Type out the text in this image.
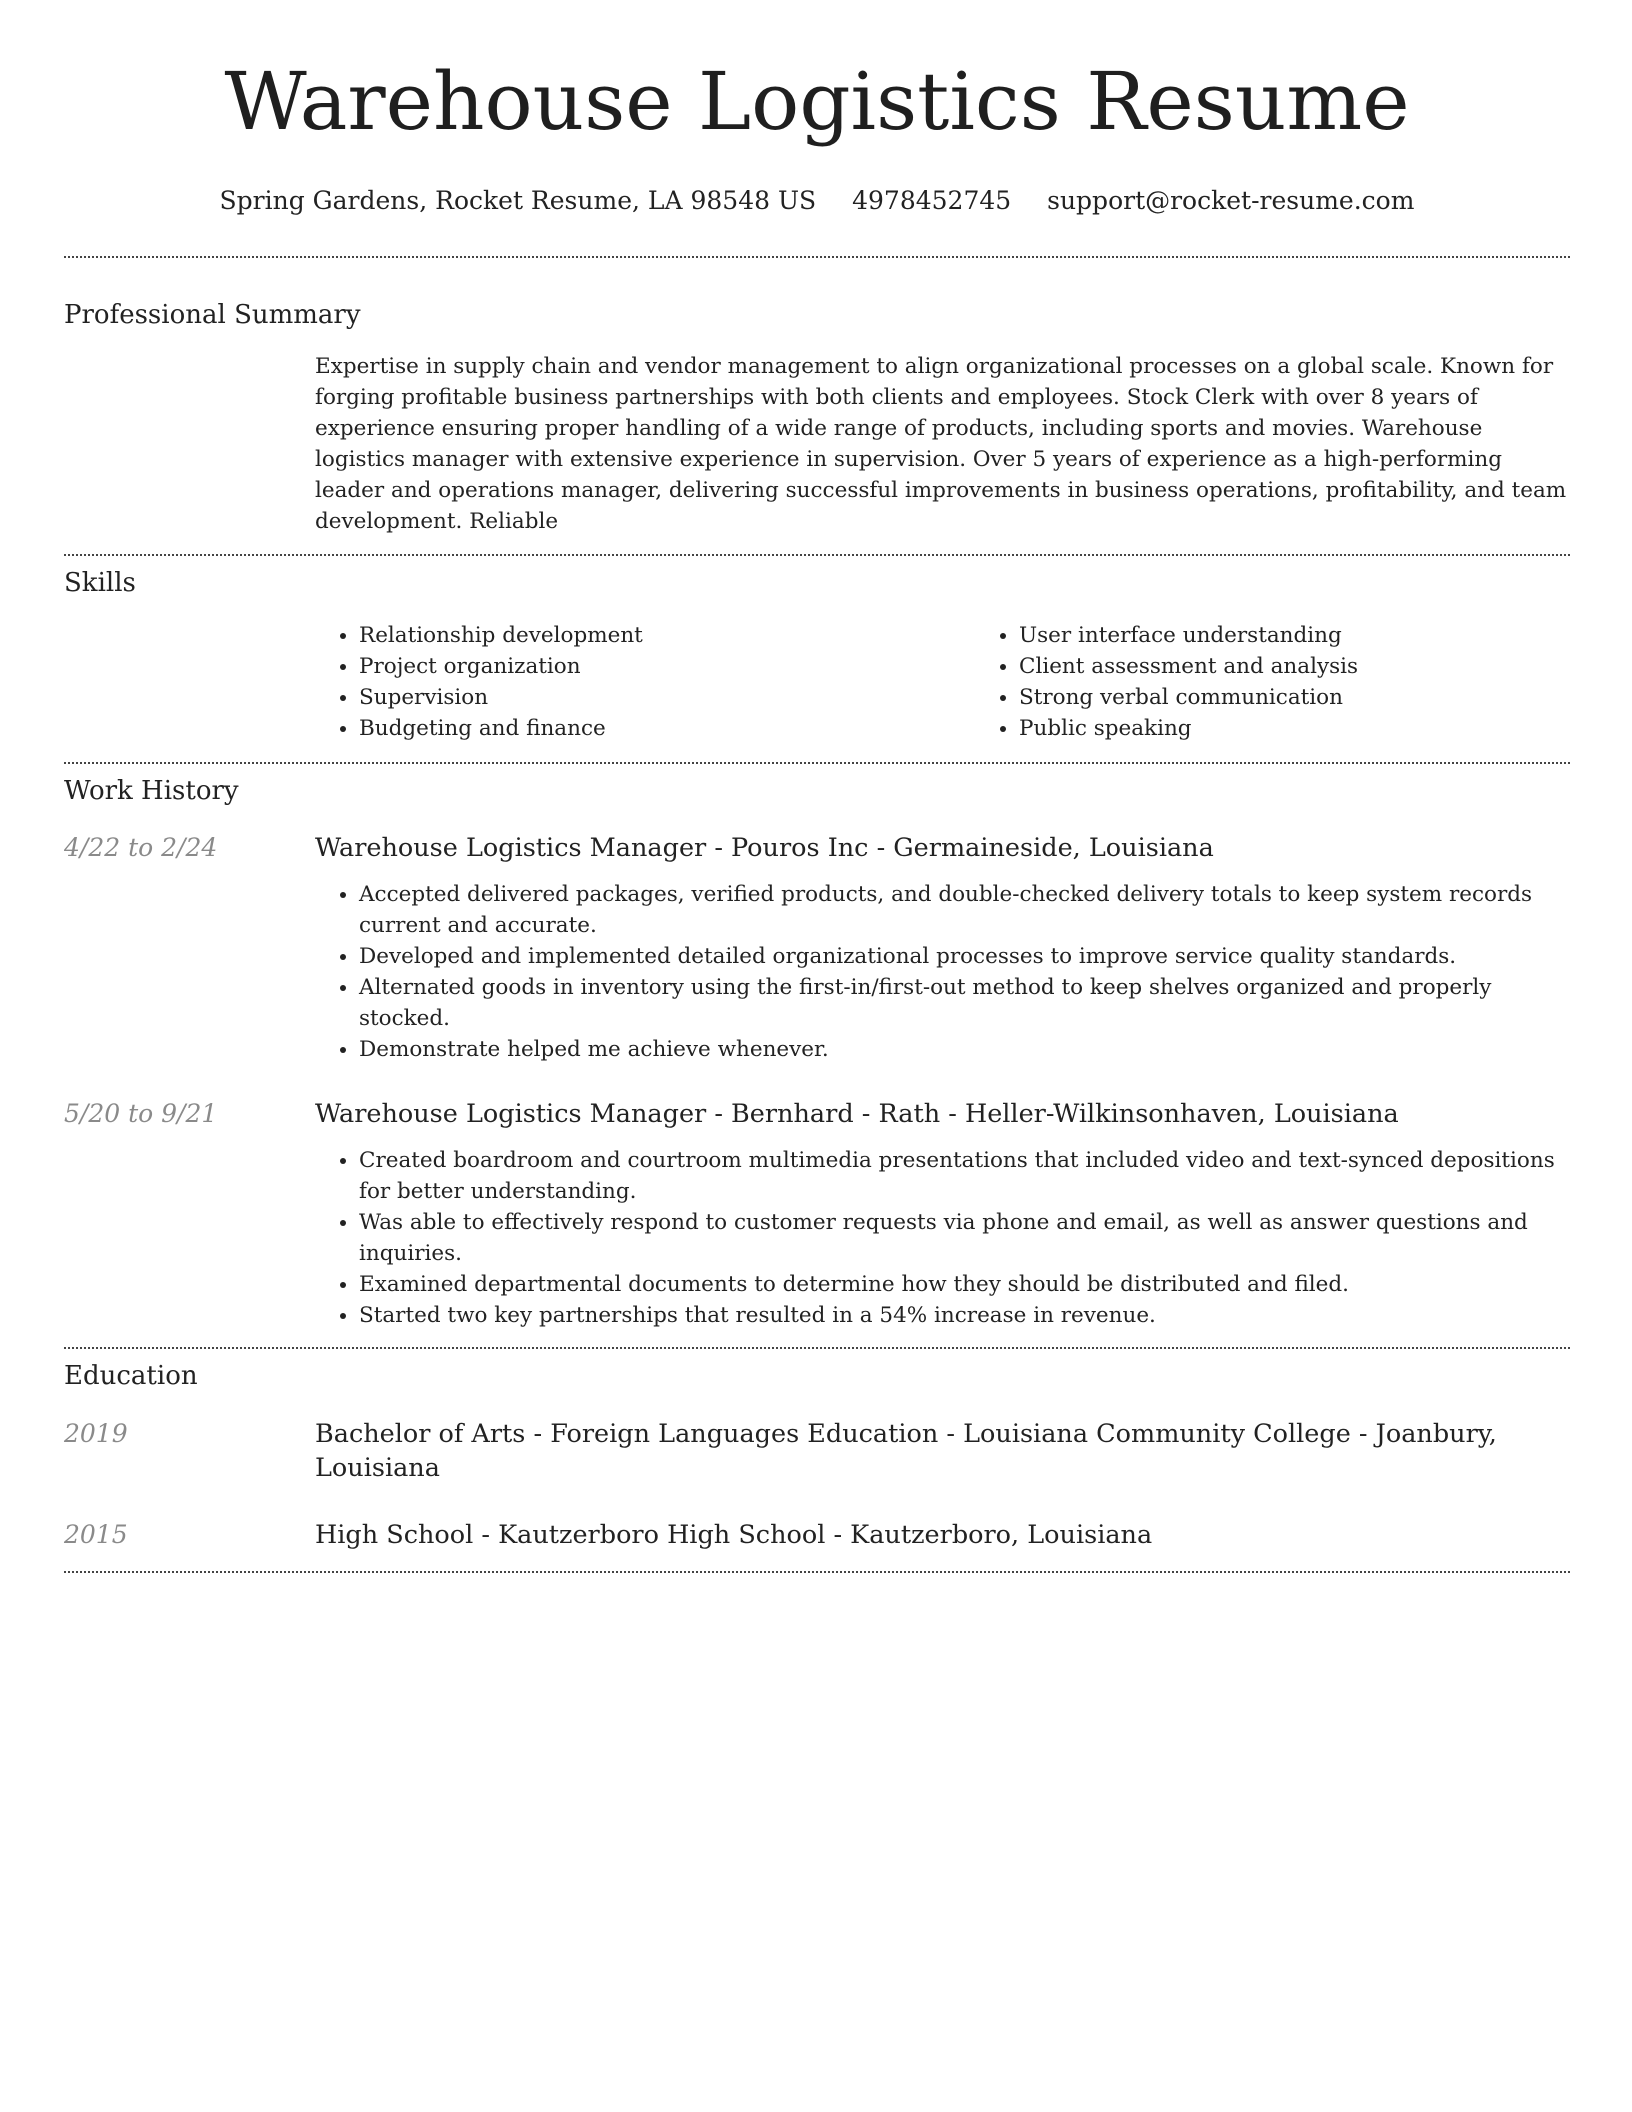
Warehouse Logistics Resume
Spring Gardens, Rocket Resume, LA 98548 US 4978452745 support@rocket-resume.com
Professional Summary

Expertise in supply chain and vendor management to align organizational processes on a global scale. Known for forging profitable business partnerships with both clients and employees. Stock Clerk with over 8 years of experience ensuring proper handling of a wide range of products, including sports and movies. Warehouse logistics manager with extensive experience in supervision. Over 5 years of experience as a high-performing leader and operations manager, delivering successful improvements in business operations, profitability, and team development. Reliable

Skills
• Relationship development
• Project organization
• Supervision
• Budgeting and finance
• User interface understanding
• Client assessment and analysis
• Strong verbal communication
• Public speaking
Work History
4/22 to 2/24	Warehouse Logistics Manager - Pouros Inc - Germaineside, Louisiana
• Accepted delivered packages, verified products, and double-checked delivery totals to keep system records current and accurate.
• Developed and implemented detailed organizational processes to improve service quality standards.
• Alternated goods in inventory using the first-in/first-out method to keep shelves organized and properly stocked.
• Demonstrate helped me achieve whenever.
5/20 to 9/21	Warehouse Logistics Manager - Bernhard - Rath - Heller-Wilkinsonhaven, Louisiana
• Created boardroom and courtroom multimedia presentations that included video and text-synced depositions for better understanding.
• Was able to effectively respond to customer requests via phone and email, as well as answer questions and inquiries.
• Examined departmental documents to determine how they should be distributed and filed.
• Started two key partnerships that resulted in a 54% increase in revenue.
Education
2019	Bachelor of Arts - Foreign Languages Education - Louisiana Community College - Joanbury, Louisiana
2015	High School - Kautzerboro High School - Kautzerboro, Louisiana
